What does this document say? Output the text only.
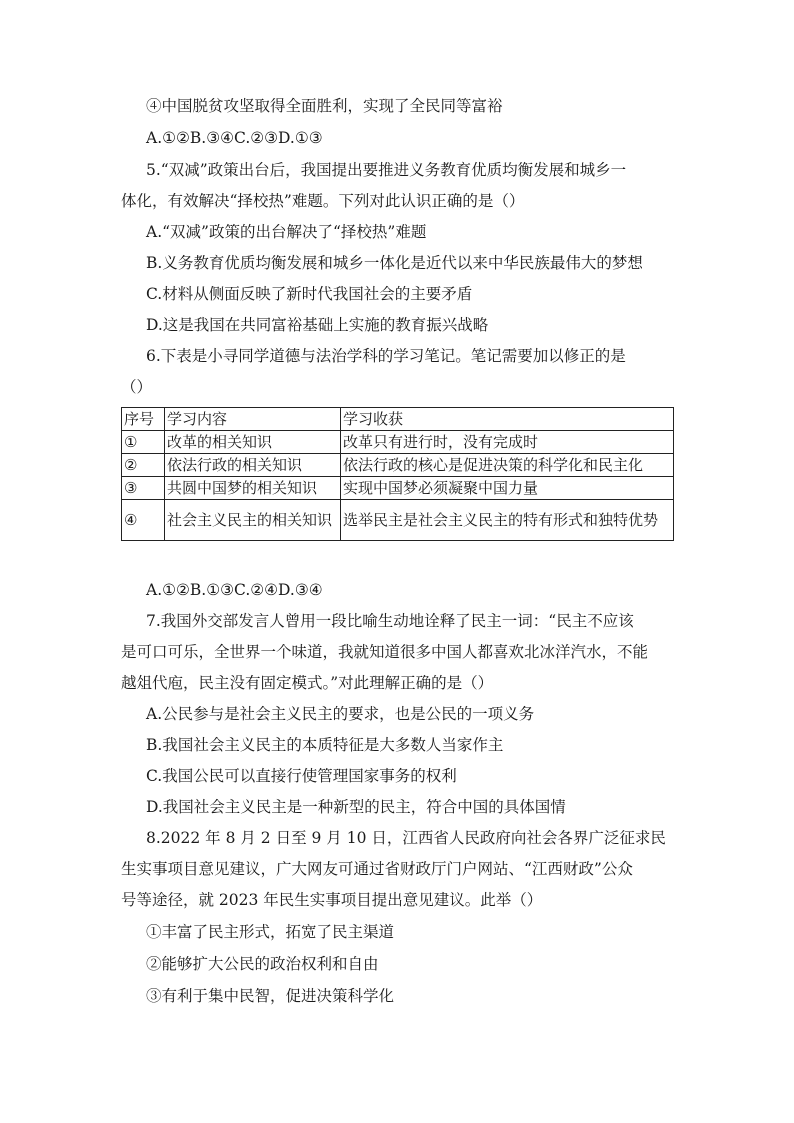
④中国脱贫攻坚取得全面胜利，实现了全民同等富裕
A.①②B.③④C.②③D.①③
5.“双减”政策出台后，我国提出要推进义务教育优质均衡发展和城乡一
体化，有效解决“择校热”难题。下列对此认识正确的是（）
A.“双减”政策的出台解决了“择校热”难题
B.义务教育优质均衡发展和城乡一体化是近代以来中华民族最伟大的梦想
C.材料从侧面反映了新时代我国社会的主要矛盾
D.这是我国在共同富裕基础上实施的教育振兴战略
6.下表是小寻同学道德与法治学科的学习笔记。笔记需要加以修正的是
（）
序号	学习内容	学习收获
①	改革的相关知识	改革只有进行时，没有完成时
②	依法行政的相关知识	依法行政的核心是促进决策的科学化和民主化
③	共圆中国梦的相关知识	实现中国梦必须凝聚中国力量
④	社会主义民主的相关知识	选举民主是社会主义民主的特有形式和独特优势
A.①②B.①③C.②④D.③④
7.我国外交部发言人曾用一段比喻生动地诠释了民主一词：“民主不应该
是可口可乐，全世界一个味道，我就知道很多中国人都喜欢北冰洋汽水，不能
越俎代庖，民主没有固定模式。”对此理解正确的是（）
A.公民参与是社会主义民主的要求，也是公民的一项义务
B.我国社会主义民主的本质特征是大多数人当家作主
C.我国公民可以直接行使管理国家事务的权利
D.我国社会主义民主是一种新型的民主，符合中国的具体国情
8.2022 年 8 月 2 日至 9 月 10 日，江西省人民政府向社会各界广泛征求民
生实事项目意见建议，广大网友可通过省财政厅门户网站、“江西财政”公众
号等途径，就 2023 年民生实事项目提出意见建议。此举（）
①丰富了民主形式，拓宽了民主渠道
②能够扩大公民的政治权利和自由
③有利于集中民智，促进决策科学化
